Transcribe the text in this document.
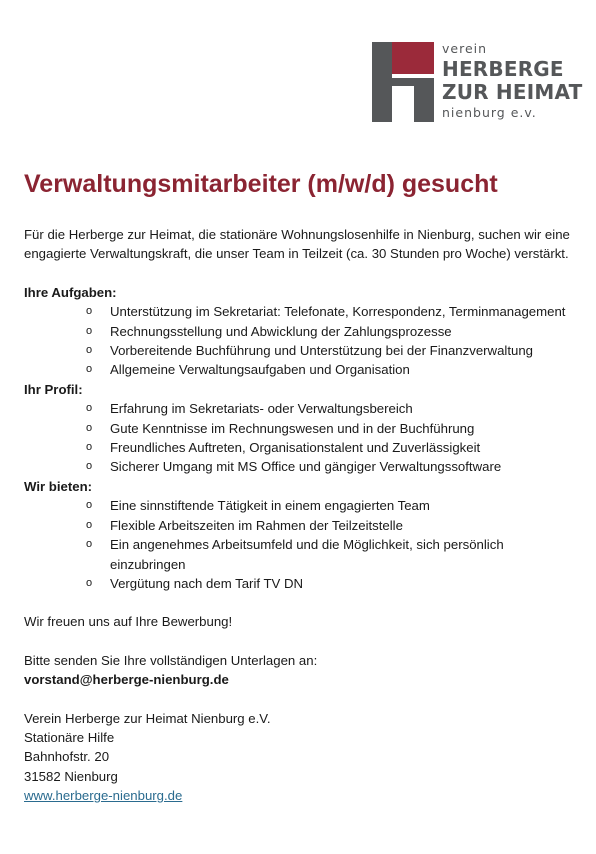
verein
HERBERGE
ZUR HEIMAT
nienburg e.v.
Verwaltungsmitarbeiter (m/w/d) gesucht

Für die Herberge zur Heimat, die stationäre Wohnungslosenhilfe in Nienburg, suchen wir eine engagierte Verwaltungskraft, die unser Team in Teilzeit (ca. 30 Stunden pro Woche) verstärkt.

Ihre Aufgaben:
o Unterstützung im Sekretariat: Telefonate, Korrespondenz, Terminmanagement
o Rechnungsstellung und Abwicklung der Zahlungsprozesse
o Vorbereitende Buchführung und Unterstützung bei der Finanzverwaltung
o Allgemeine Verwaltungsaufgaben und Organisation
Ihr Profil:
o Erfahrung im Sekretariats- oder Verwaltungsbereich
o Gute Kenntnisse im Rechnungswesen und in der Buchführung
o Freundliches Auftreten, Organisationstalent und Zuverlässigkeit
o Sicherer Umgang mit MS Office und gängiger Verwaltungssoftware
Wir bieten:
o Eine sinnstiftende Tätigkeit in einem engagierten Team
o Flexible Arbeitszeiten im Rahmen der Teilzeitstelle
o Ein angenehmes Arbeitsumfeld und die Möglichkeit, sich persönlich einzubringen
o Vergütung nach dem Tarif TV DN

Wir freuen uns auf Ihre Bewerbung!

Bitte senden Sie Ihre vollständigen Unterlagen an:

vorstand@herberge-nienburg.de

Verein Herberge zur Heimat Nienburg e.V.

Stationäre Hilfe

Bahnhofstr. 20

31582 Nienburg

www.herberge-nienburg.de
